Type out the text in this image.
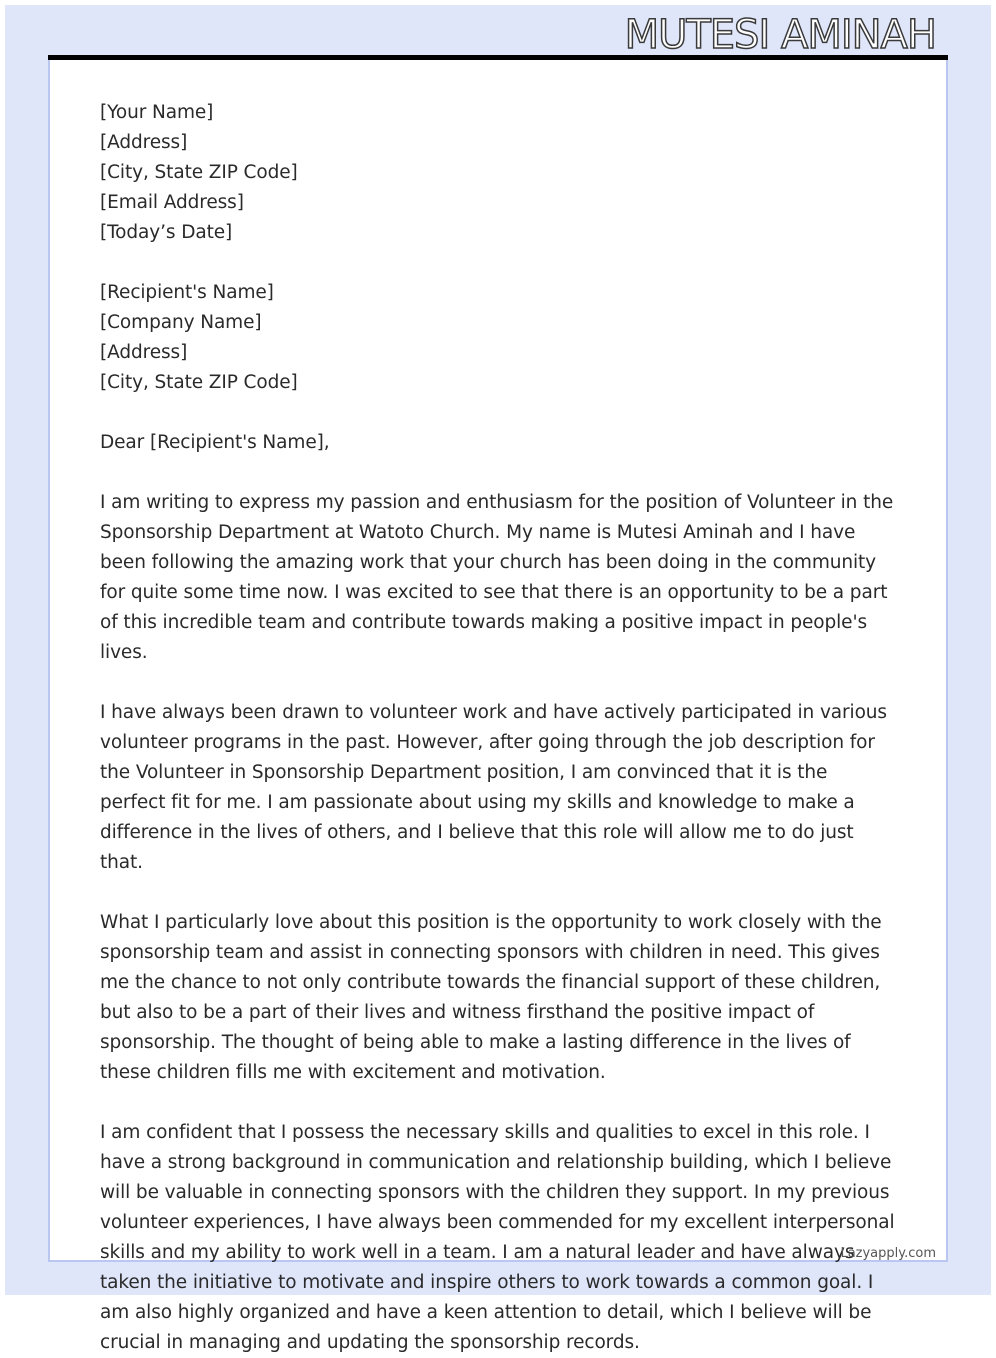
MUTESI AMINAH
[Your Name]
[Address]
[City, State ZIP Code]
[Email Address]
[Today’s Date]
[Recipient's Name]
[Company Name]
[Address]
[City, State ZIP Code]
Dear [Recipient's Name],

I am writing to express my passion and enthusiasm for the position of Volunteer in the Sponsorship Department at Watoto Church. My name is Mutesi Aminah and I have been following the amazing work that your church has been doing in the community for quite some time now. I was excited to see that there is an opportunity to be a part of this incredible team and contribute towards making a positive impact in people's lives.

I have always been drawn to volunteer work and have actively participated in various volunteer programs in the past. However, after going through the job description for the Volunteer in Sponsorship Department position, I am convinced that it is the perfect fit for me. I am passionate about using my skills and knowledge to make a difference in the lives of others, and I believe that this role will allow me to do just that.

What I particularly love about this position is the opportunity to work closely with the sponsorship team and assist in connecting sponsors with children in need. This gives me the chance to not only contribute towards the financial support of these children, but also to be a part of their lives and witness firsthand the positive impact of sponsorship. The thought of being able to make a lasting difference in the lives of these children fills me with excitement and motivation.

I am confident that I possess the necessary skills and qualities to excel in this role. I have a strong background in communication and relationship building, which I believe will be valuable in connecting sponsors with the children they support. In my previous volunteer experiences, I have always been commended for my excellent interpersonal skills and my ability to work well in a team. I am a natural leader and have always taken the initiative to motivate and inspire others to work towards a common goal. I am also highly organized and have a keen attention to detail, which I believe will be crucial in managing and updating the sponsorship records.

Lazyapply.com
